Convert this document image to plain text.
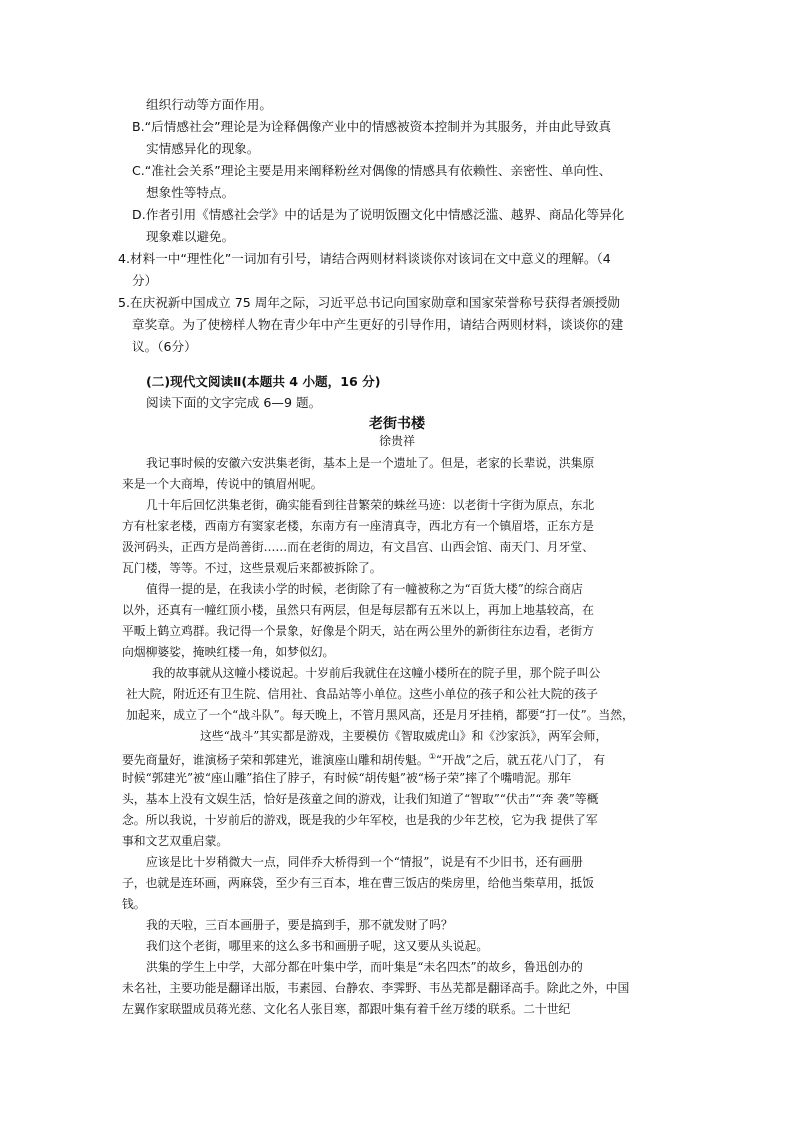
组织行动等方面作用。
B.“后情感社会”理论是为诠释偶像产业中的情感被资本控制并为其服务，并由此导致真
实情感异化的现象。
C.“准社会关系”理论主要是用来阐释粉丝对偶像的情感具有依赖性、亲密性、单向性、
想象性等特点。
D.作者引用《情感社会学》中的话是为了说明饭圈文化中情感泛滥、越界、商品化等异化
现象难以避免。
4.材料一中“理性化”一词加有引号，请结合两则材料谈谈你对该词在文中意义的理解。（4
分）
5.在庆祝新中国成立 75 周年之际，习近平总书记向国家勋章和国家荣誉称号获得者颁授勋
章奖章。为了使榜样人物在青少年中产生更好的引导作用，请结合两则材料，谈谈你的建
议。（6分）
(二)现代文阅读Ⅱ(本题共 4 小题，16 分)
阅读下面的文字完成 6—9 题。
老街书楼
徐贵祥
我记事时候的安徽六安洪集老街，基本上是一个遗址了。但是，老家的长辈说，洪集原
来是一个大商埠，传说中的镇眉州呢。
几十年后回忆洪集老街，确实能看到往昔繁荣的蛛丝马迹：以老街十字街为原点，东北
方有杜家老楼，西南方有窦家老楼，东南方有一座清真寺，西北方有一个镇眉塔，正东方是
汲河码头，正西方是尚善街……而在老街的周边，有文昌宫、山西会馆、南天门、月牙堂、
瓦门楼，等等。不过，这些景观后来都被拆除了。
值得一提的是，在我读小学的时候，老街除了有一幢被称之为“百货大楼”的综合商店
以外，还真有一幢红顶小楼，虽然只有两层，但是每层都有五米以上，再加上地基较高，在
平畈上鹤立鸡群。我记得一个景象，好像是个阴天，站在两公里外的新街往东边看，老街方
向烟柳婆娑，掩映红楼一角，如梦似幻。
我的故事就从这幢小楼说起。十岁前后我就住在这幢小楼所在的院子里，那个院子叫公
社大院，附近还有卫生院、信用社、食品站等小单位。这些小单位的孩子和公社大院的孩子
加起来，成立了一个“战斗队”。每天晚上，不管月黑风高，还是月牙挂梢，都要“打一仗”。当然，
这些“战斗”其实都是游戏，主要模仿《智取威虎山》和《沙家浜》，两军会师，
要先商量好，谁演杨子荣和郭建光，谁演座山雕和胡传魁。①“开战”之后，就五花八门了， 有
时候“郭建光”被“座山雕”掐住了脖子，有时候“胡传魁”被“杨子荣”摔了个嘴啃泥。那年
头，基本上没有文娱生活，恰好是孩童之间的游戏，让我们知道了“智取”“伏击”“奔 袭”等概
念。所以我说，十岁前后的游戏，既是我的少年军校，也是我的少年艺校，它为我 提供了军
事和文艺双重启蒙。
应该是比十岁稍微大一点，同伴乔大桥得到一个“情报”，说是有不少旧书，还有画册
子，也就是连环画，两麻袋，至少有三百本，堆在曹三饭店的柴房里，给他当柴草用，抵饭
钱。
我的天啦，三百本画册子，要是搞到手，那不就发财了吗？
我们这个老街，哪里来的这么多书和画册子呢，这又要从头说起。
洪集的学生上中学，大部分都在叶集中学，而叶集是“未名四杰”的故乡，鲁迅创办的
未名社，主要功能是翻译出版，韦素园、台静农、李霁野、韦丛芜都是翻译高手。除此之外，中国
左翼作家联盟成员蒋光慈、文化名人张目寒，都跟叶集有着千丝万缕的联系。二十世纪
